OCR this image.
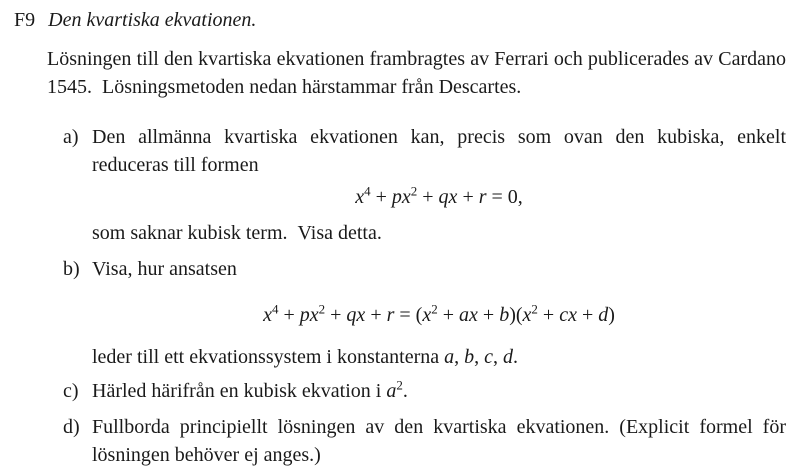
F9 Den kvartiska ekvationen.

Lösningen till den kvartiska ekvationen frambragtes av Ferrari och publicerades av Cardano 1545. Lösningsmetoden nedan härstammar från Descartes.

a) Den allmänna kvartiska ekvationen kan, precis som ovan den kubiska, enkelt reduceras till formen
$x^4 + px^2$ + qx + r = 0,
som saknar kubisk term. Visa detta.
b) Visa, hur ansatsen
$x^4 + px^2$ + qx + $r = (x^2$ + ax + $b)(x^2$ + cx + d)
leder till ett ekvationssystem i konstanterna a, b, c, d.
c) Härled härifrån en kubisk ekvation i $a^2$.
d) Fullborda principiellt lösningen av den kvartiska ekvationen. (Explicit formel för lösningen behöver ej anges.)
